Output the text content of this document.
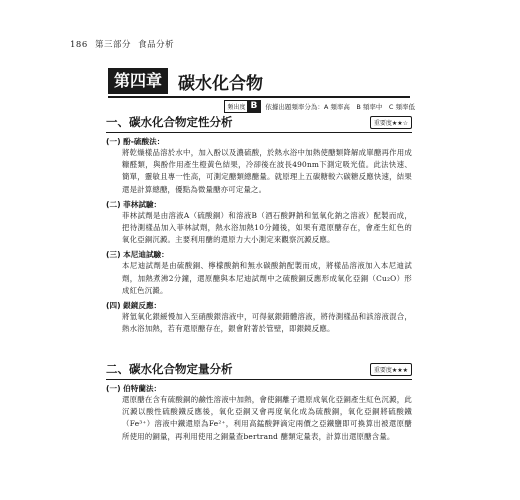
186 第三部分 食品分析
第四章 碳水化合物
頻出度 B	依據出題頻率分為：A 頻率高　B 頻率中　C 頻率低
一、碳水化合物定性分析	重要度★★☆
(一) 酚-硫酸法：
將乾燥樣品溶於水中，加入酚以及濃硫酸，於熱水浴中加熱使醣類降解成單醣再作用成糠醛類，與酚作用產生橙黃色結果，冷卻後在波長490nm下測定吸光值。此法快速、簡單，靈敏且專一性高，可測定醣類總醣量。就原理上五碳糖較六碳糖反應快速，結果還是計算總醣，優點為微量醣亦可定量之。
(二) 菲林試驗：
菲林試劑是由溶液A（硫酸銅）和溶液B（酒石酸鉀鈉和氫氧化鈉之溶液）配製而成，把待測樣品加入菲林試劑，熱水浴加熱10分鐘後，如果有還原醣存在，會產生紅色的氧化亞銅沉澱。主要利用醣的還原力大小測定來觀察沉澱反應。
(三) 本尼迪試驗：
本尼迪試劑是由硫酸銅、檸檬酸鈉和無水碳酸鈉配製而成，將樣品溶液加入本尼迪試劑，加熱煮沸2分鐘，還原醣與本尼迪試劑中之硫酸銅反應形成氧化亞銅（Cu₂O）形成紅色沉澱。
(四) 銀鏡反應：
將氫氧化銀緩慢加入至硝酸銀溶液中，可得氨銀錯體溶液，將待測樣品和該溶液混合，熱水浴加熱，若有還原醣存在，銀會附著於管壁，即銀鏡反應。
二、碳水化合物定量分析	重要度★★★
(一) 伯特蘭法：
還原醣在含有硫酸銅的鹼性溶液中加熱，會使銅離子還原成氧化亞銅產生紅色沉澱，此沉澱以酸性硫酸鐵反應後，氧化亞銅又會再度氧化成為硫酸銅，氧化亞銅將硫酸鐵（Fe³⁺）溶液中鐵還原為Fe²⁺，利用高錳酸鉀滴定兩價之亞鐵鹽即可換算出被還原醣所使用的銅量，再利用使用之銅量查bertrand 醣類定量表，計算出還原醣含量。
